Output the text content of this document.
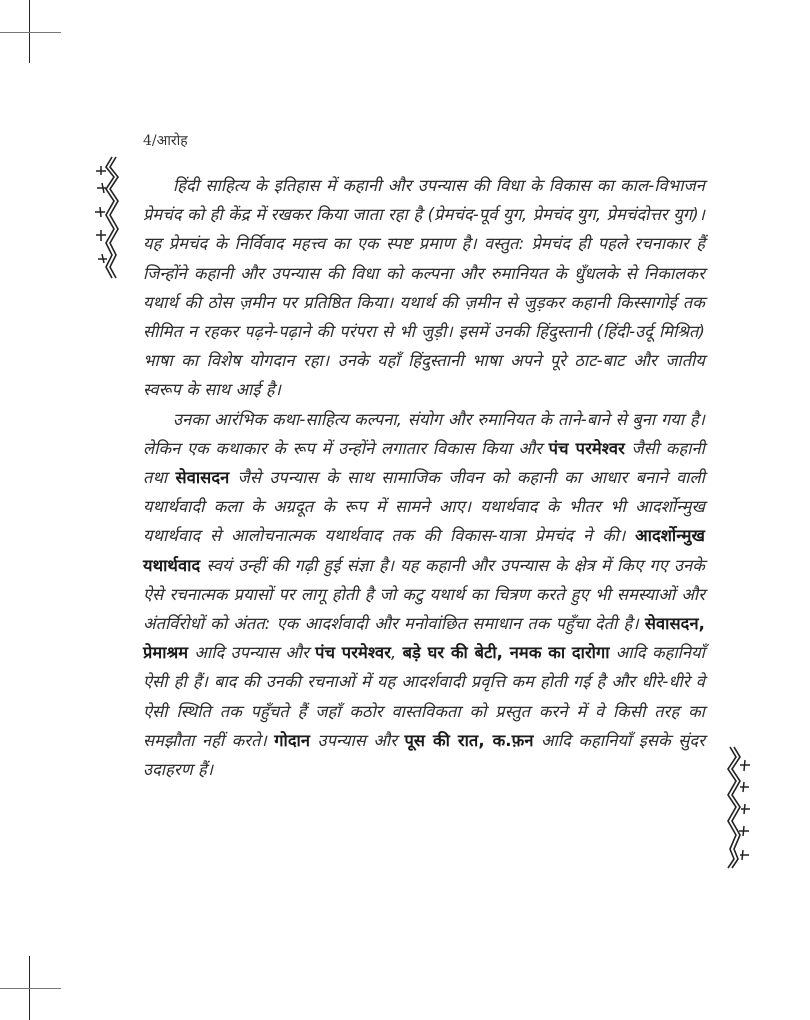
4/आरोह

हिंदी साहित्य के इतिहास में कहानी और उपन्यास की विधा के विकास का काल-विभाजन प्रेमचंद को ही केंद्र में रखकर किया जाता रहा है (प्रेमचंद-पूर्व युग, प्रेमचंद युग, प्रेमचंदोत्तर युग)। यह प्रेमचंद के निर्विवाद महत्त्व का एक स्पष्ट प्रमाण है। वस्तुत: प्रेमचंद ही पहले रचनाकार हैं जिन्होंने कहानी और उपन्यास की विधा को कल्पना और रुमानियत के धुँधलके से निकालकर यथार्थ की ठोस ज़मीन पर प्रतिष्ठित किया। यथार्थ की ज़मीन से जुड़कर कहानी किस्सागोई तक सीमित न रहकर पढ़ने-पढ़ाने की परंपरा से भी जुड़ी। इसमें उनकी हिंदुस्तानी (हिंदी-उर्दू मिश्रित) भाषा का विशेष योगदान रहा। उनके यहाँ हिंदुस्तानी भाषा अपने पूरे ठाट-बाट और जातीय स्वरूप के साथ आई है।

उनका आरंभिक कथा-साहित्य कल्पना, संयोग और रुमानियत के ताने-बाने से बुना गया है। लेकिन एक कथाकार के रूप में उन्होंने लगातार विकास किया और पंच परमेश्वर जैसी कहानी तथा सेवासदन जैसे उपन्यास के साथ सामाजिक जीवन को कहानी का आधार बनाने वाली यथार्थवादी कला के अग्रदूत के रूप में सामने आए। यथार्थवाद के भीतर भी आदर्शोन्मुख यथार्थवाद से आलोचनात्मक यथार्थवाद तक की विकास-यात्रा प्रेमचंद ने की। आदर्शोन्मुख यथार्थवाद स्वयं उन्हीं की गढ़ी हुई संज्ञा है। यह कहानी और उपन्यास के क्षेत्र में किए गए उनके ऐसे रचनात्मक प्रयासों पर लागू होती है जो कटु यथार्थ का चित्रण करते हुए भी समस्याओं और अंतर्विरोधों को अंतत: एक आदर्शवादी और मनोवांछित समाधान तक पहुँचा देती है। सेवासदन, प्रेमाश्रम आदि उपन्यास और पंच परमेश्वर, बड़े घर की बेटी, नमक का दारोगा आदि कहानियाँ ऐसी ही हैं। बाद की उनकी रचनाओं में यह आदर्शवादी प्रवृत्ति कम होती गई है और धीरे-धीरे वे ऐसी स्थिति तक पहुँचते हैं जहाँ कठोर वास्तविकता को प्रस्तुत करने में वे किसी तरह का समझौता नहीं करते। गोदान उपन्यास और पूस की रात, क.फ़न आदि कहानियाँ इसके सुंदर उदाहरण हैं।
